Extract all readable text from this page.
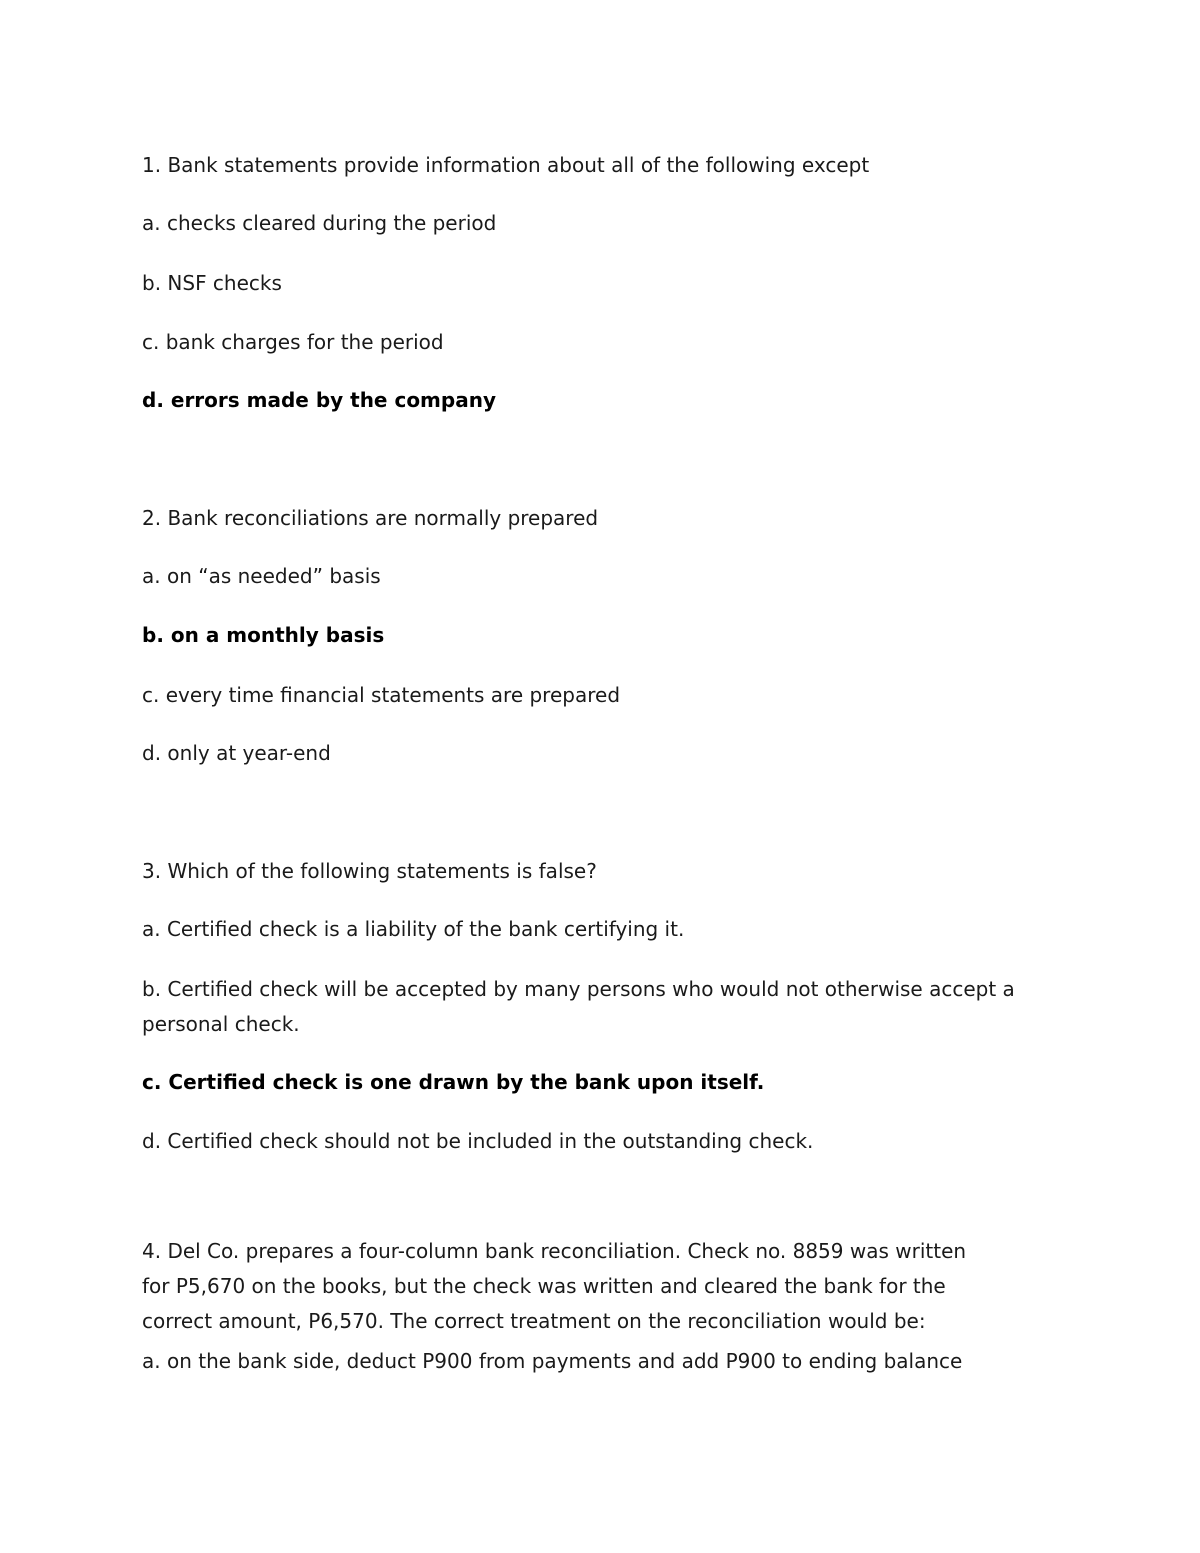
1. Bank statements provide information about all of the following except
a. checks cleared during the period
b. NSF checks
c. bank charges for the period
d. errors made by the company
2. Bank reconciliations are normally prepared
a. on “as needed” basis
b. on a monthly basis
c. every time financial statements are prepared
d. only at year-end
3. Which of the following statements is false?
a. Certified check is a liability of the bank certifying it.
b. Certified check will be accepted by many persons who would not otherwise accept a
personal check.
c. Certified check is one drawn by the bank upon itself.
d. Certified check should not be included in the outstanding check.
4. Del Co. prepares a four-column bank reconciliation. Check no. 8859 was written
for P5,670 on the books, but the check was written and cleared the bank for the
correct amount, P6,570. The correct treatment on the reconciliation would be:
a. on the bank side, deduct P900 from payments and add P900 to ending balance
